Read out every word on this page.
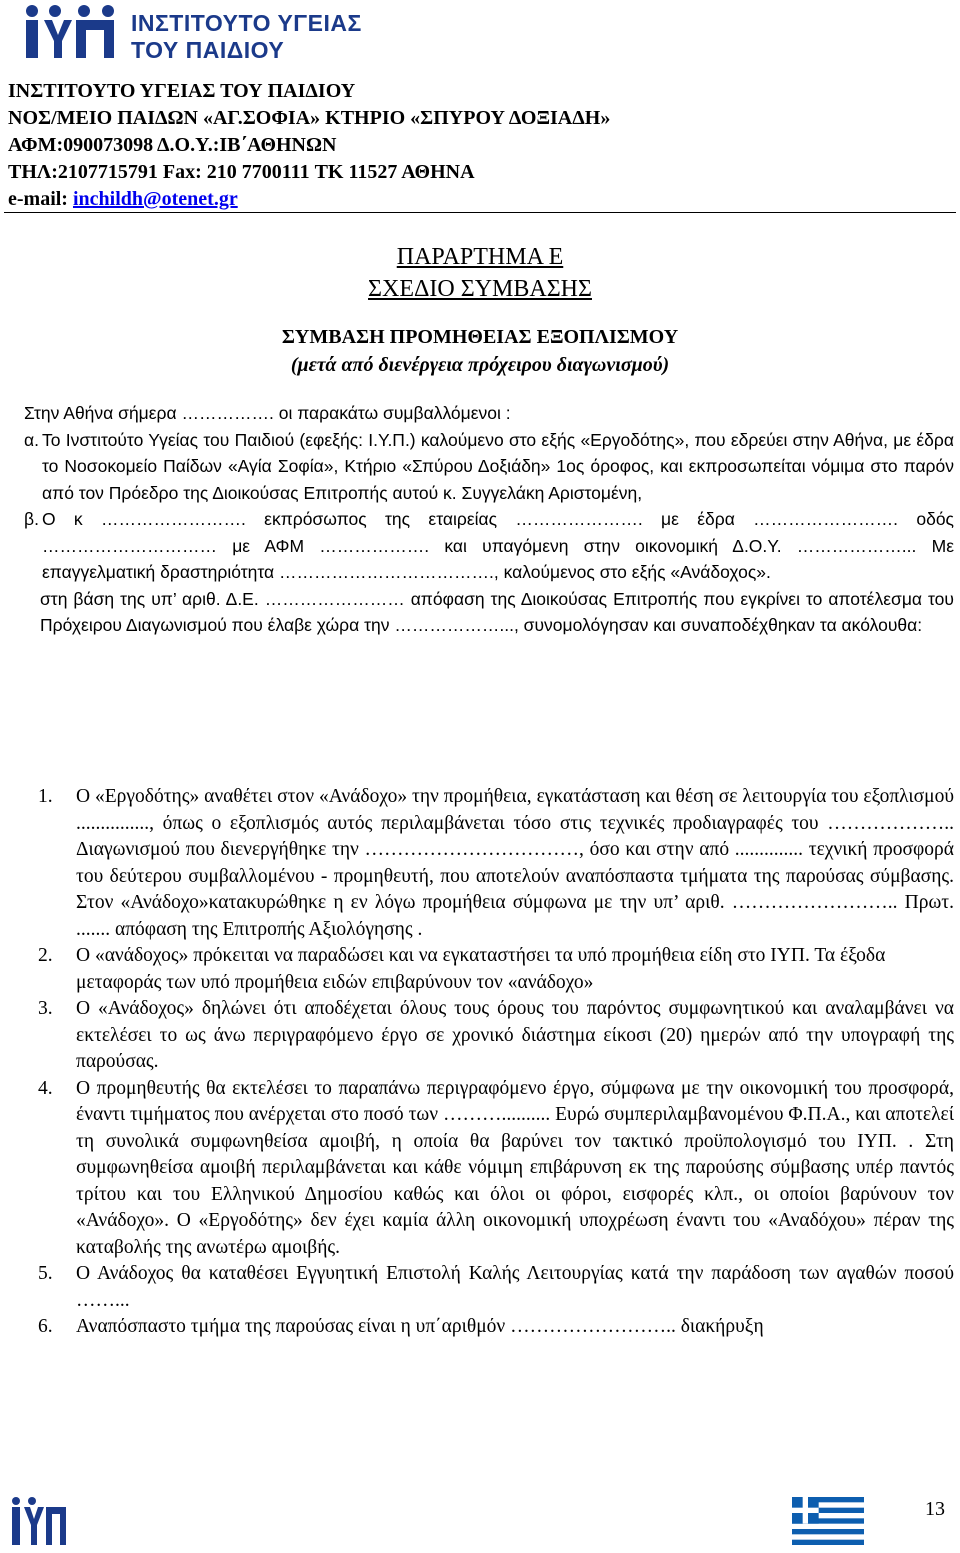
ΙΝΣΤΙΤΟΥΤΟ ΥΓΕΙΑΣ
ΤΟΥ ΠΑΙΔΙΟΥ
ΙΝΣΤΙΤΟΥΤΟ ΥΓΕΙΑΣ ΤΟΥ ΠΑΙΔΙΟΥ
ΝΟΣ/ΜΕΙΟ ΠΑΙΔΩΝ «ΑΓ.ΣΟΦΙΑ» ΚΤΗΡΙΟ «ΣΠΥΡΟΥ ΔΟΞΙΑΔΗ»
ΑΦΜ:090073098 Δ.Ο.Υ.:ΙΒ΄ΑΘΗΝΩΝ
ΤΗΛ:2107715791 Fax: 210 7700111 ΤΚ 11527 ΑΘΗΝΑ
e-mail: inchildh@otenet.gr
ΠΑΡΑΡΤΗΜΑ Ε
ΣΧΕΔΙΟ ΣΥΜΒΑΣΗΣ
ΣΥΜΒΑΣΗ ΠΡΟΜΗΘΕΙΑΣ ΕΞΟΠΛΙΣΜΟΥ
(μετά από διενέργεια πρόχειρου διαγωνισμού)

Στην Αθήνα σήμερα ……………. οι παρακάτω συμβαλλόμενοι :

α. Το Ινστιτούτο Υγείας του Παιδιού (εφεξής: Ι.Υ.Π.) καλούμενο στο εξής «Εργοδότης», που εδρεύει στην Αθήνα, με έδρα το Νοσοκομείο Παίδων «Αγία Σοφία», Κτήριο «Σπύρου Δοξιάδη» 1ος όροφος, και εκπροσωπείται νόμιμα στο παρόν από τον Πρόεδρο της Διοικούσας Επιτροπής αυτού κ. Συγγελάκη Αριστομένη,
β. Ο κ ……………………. εκπρόσωπος της εταιρείας …………………. με έδρα ……………………. οδός ………………………… με ΑΦΜ ………………. και υπαγόμενη στην οικονομική Δ.Ο.Υ. ………………... Με επαγγελματική δραστηριότητα ………………………………., καλούμενος στο εξής «Ανάδοχος».

στη βάση της υπ’ αριθ. Δ.Ε. …………………… απόφαση της Διοικούσας Επιτροπής που εγκρίνει το αποτέλεσμα του Πρόχειρου Διαγωνισμού που έλαβε χώρα την ………………..., συνομολόγησαν και συναποδέχθηκαν τα ακόλουθα:

1.	Ο «Εργοδότης» αναθέτει στον «Ανάδοχο» την προμήθεια, εγκατάσταση και θέση σε λειτουργία του εξοπλισμού ..............., όπως ο εξοπλισμός αυτός περιλαμβάνεται τόσο στις τεχνικές προδιαγραφές του ……………….. Διαγωνισμού που διενεργήθηκε την ……………………………, όσο και στην από .............. τεχνική προσφορά του δεύτερου συμβαλλομένου - προμηθευτή, που αποτελούν αναπόσπαστα τμήματα της παρούσας σύμβασης. Στον «Ανάδοχο»κατακυρώθηκε η εν λόγω προμήθεια σύμφωνα με την υπ’ αριθ. …………………….. Πρωτ. ....... απόφαση της Επιτροπής Αξιολόγησης .
2.	Ο «ανάδοχος» πρόκειται να παραδώσει και να εγκαταστήσει τα υπό προμήθεια είδη στο ΙΥΠ. Τα έξοδα μεταφοράς των υπό προμήθεια ειδών επιβαρύνουν τον «ανάδοχο»
3.	Ο «Ανάδοχος» δηλώνει ότι αποδέχεται όλους τους όρους του παρόντος συμφωνητικού και αναλαμβάνει να εκτελέσει το ως άνω περιγραφόμενο έργο σε χρονικό διάστημα είκοσι (20) ημερών από την υπογραφή της παρούσας.
4.	Ο προμηθευτής θα εκτελέσει το παραπάνω περιγραφόμενο έργο, σύμφωνα με την οικονομική του προσφορά, έναντι τιμήματος που ανέρχεται στο ποσό των ……….......... Ευρώ συμπεριλαμβανομένου Φ.Π.Α., και αποτελεί τη συνολικά συμφωνηθείσα αμοιβή, η οποία θα βαρύνει τον τακτικό προϋπολογισμό του ΙΥΠ. . Στη συμφωνηθείσα αμοιβή περιλαμβάνεται και κάθε νόμιμη επιβάρυνση εκ της παρούσης σύμβασης υπέρ παντός τρίτου και του Ελληνικού Δημοσίου καθώς και όλοι οι φόροι, εισφορές κλπ., οι οποίοι βαρύνουν τον «Ανάδοχο». Ο «Εργοδότης» δεν έχει καμία άλλη οικονομική υποχρέωση έναντι του «Αναδόχου» πέραν της καταβολής της ανωτέρω αμοιβής.
5.	Ο Ανάδοχος θα καταθέσει Εγγυητική Επιστολή Καλής Λειτουργίας κατά την παράδοση των αγαθών ποσού ……...
6.	Αναπόσπαστο τμήμα της παρούσας είναι η υπ΄αριθμόν …………………….. διακήρυξη
13
